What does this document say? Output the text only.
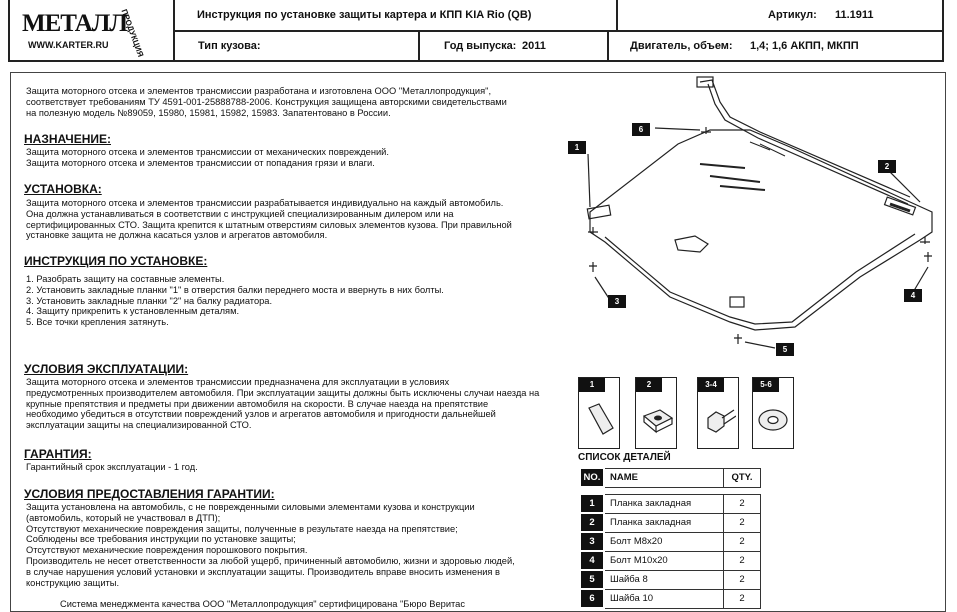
МЕТАЛЛ
ПРОДУКЦИЯ
WWW.KARTER.RU
Инструкция по установке защиты картера и КПП KIA Rio (QB)	Артикул: 11.1911
Тип кузова:	Год выпуска: 2011	Двигатель, объем: 1,4; 1,6 АКПП, МКПП
Защита моторного отсека и элементов трансмиссии разработана и изготовлена ООО "Металлопродукция",
соответствует требованиям ТУ 4591-001-25888788-2006. Конструкция защищена авторскими свидетельствами
на полезную модель №89059, 15980, 15981, 15982, 15983. Запатентовано в России.
НАЗНАЧЕНИЕ:
Защита моторного отсека и элементов трансмиссии от механических повреждений.
Защита моторного отсека и элементов трансмиссии от попадания грязи и влаги.
УСТАНОВКА:
Защита моторного отсека и элементов трансмиссии разрабатывается индивидуально на каждый автомобиль.
Она должна устанавливаться в соответствии с инструкцией специализированным дилером или на
сертифицированных СТО. Защита крепится к штатным отверстиям силовых элементов кузова. При правильной
установке защита не должна касаться узлов и агрегатов автомобиля.
ИНСТРУКЦИЯ ПО УСТАНОВКЕ:
1. Разобрать защиту на составные элементы.
2. Установить закладные планки "1" в отверстия балки переднего моста и ввернуть в них болты.
3. Установить закладные планки "2" на балку радиатора.
4. Защиту прикрепить к установленным деталям.
5. Все точки крепления затянуть.
УСЛОВИЯ ЭКСПЛУАТАЦИИ:
Защита моторного отсека и элементов трансмиссии предназначена для эксплуатации в условиях
предусмотренных производителем автомобиля. При эксплуатации защиты должны быть исключены случаи наезда на
крупные препятствия и предметы при движении автомобиля на скорости. В случае наезда на препятствие
необходимо убедиться в отсутствии повреждений узлов и агрегатов автомобиля и пригодности дальнейшей
эксплуатации защиты на специализированной СТО.
ГАРАНТИЯ:
Гарантийный срок эксплуатации - 1 год.
УСЛОВИЯ ПРЕДОСТАВЛЕНИЯ ГАРАНТИИ:
Защита установлена на автомобиль, с не поврежденными силовыми элементами кузова и конструкции
(автомобиль, который не участвовал в ДТП);
Отсутствуют механические повреждения защиты, полученные в результате наезда на препятствие;
Соблюдены все требования инструкции по установке защиты;
Отсутствуют механические повреждения порошкового покрытия.
Производитель не несет ответственности за любой ущерб, причиненный автомобилю, жизни и здоровью людей,
в случае нарушения условий установки и эксплуатации защиты. Производитель вправе вносить изменения в
конструкцию защиты.
Система менеджмента качества ООО "Металлопродукция" сертифицирована "Бюро Веритас
1
2
3
4
5
6
1	2	3-4	5-6
СПИСОК ДЕТАЛЕЙ
NO.	NAME	QTY.

1	Планка закладная	2
2	Планка закладная	2
3	Болт М8х20	2
4	Болт М10х20	2
5	Шайба 8	2
6	Шайба 10	2
